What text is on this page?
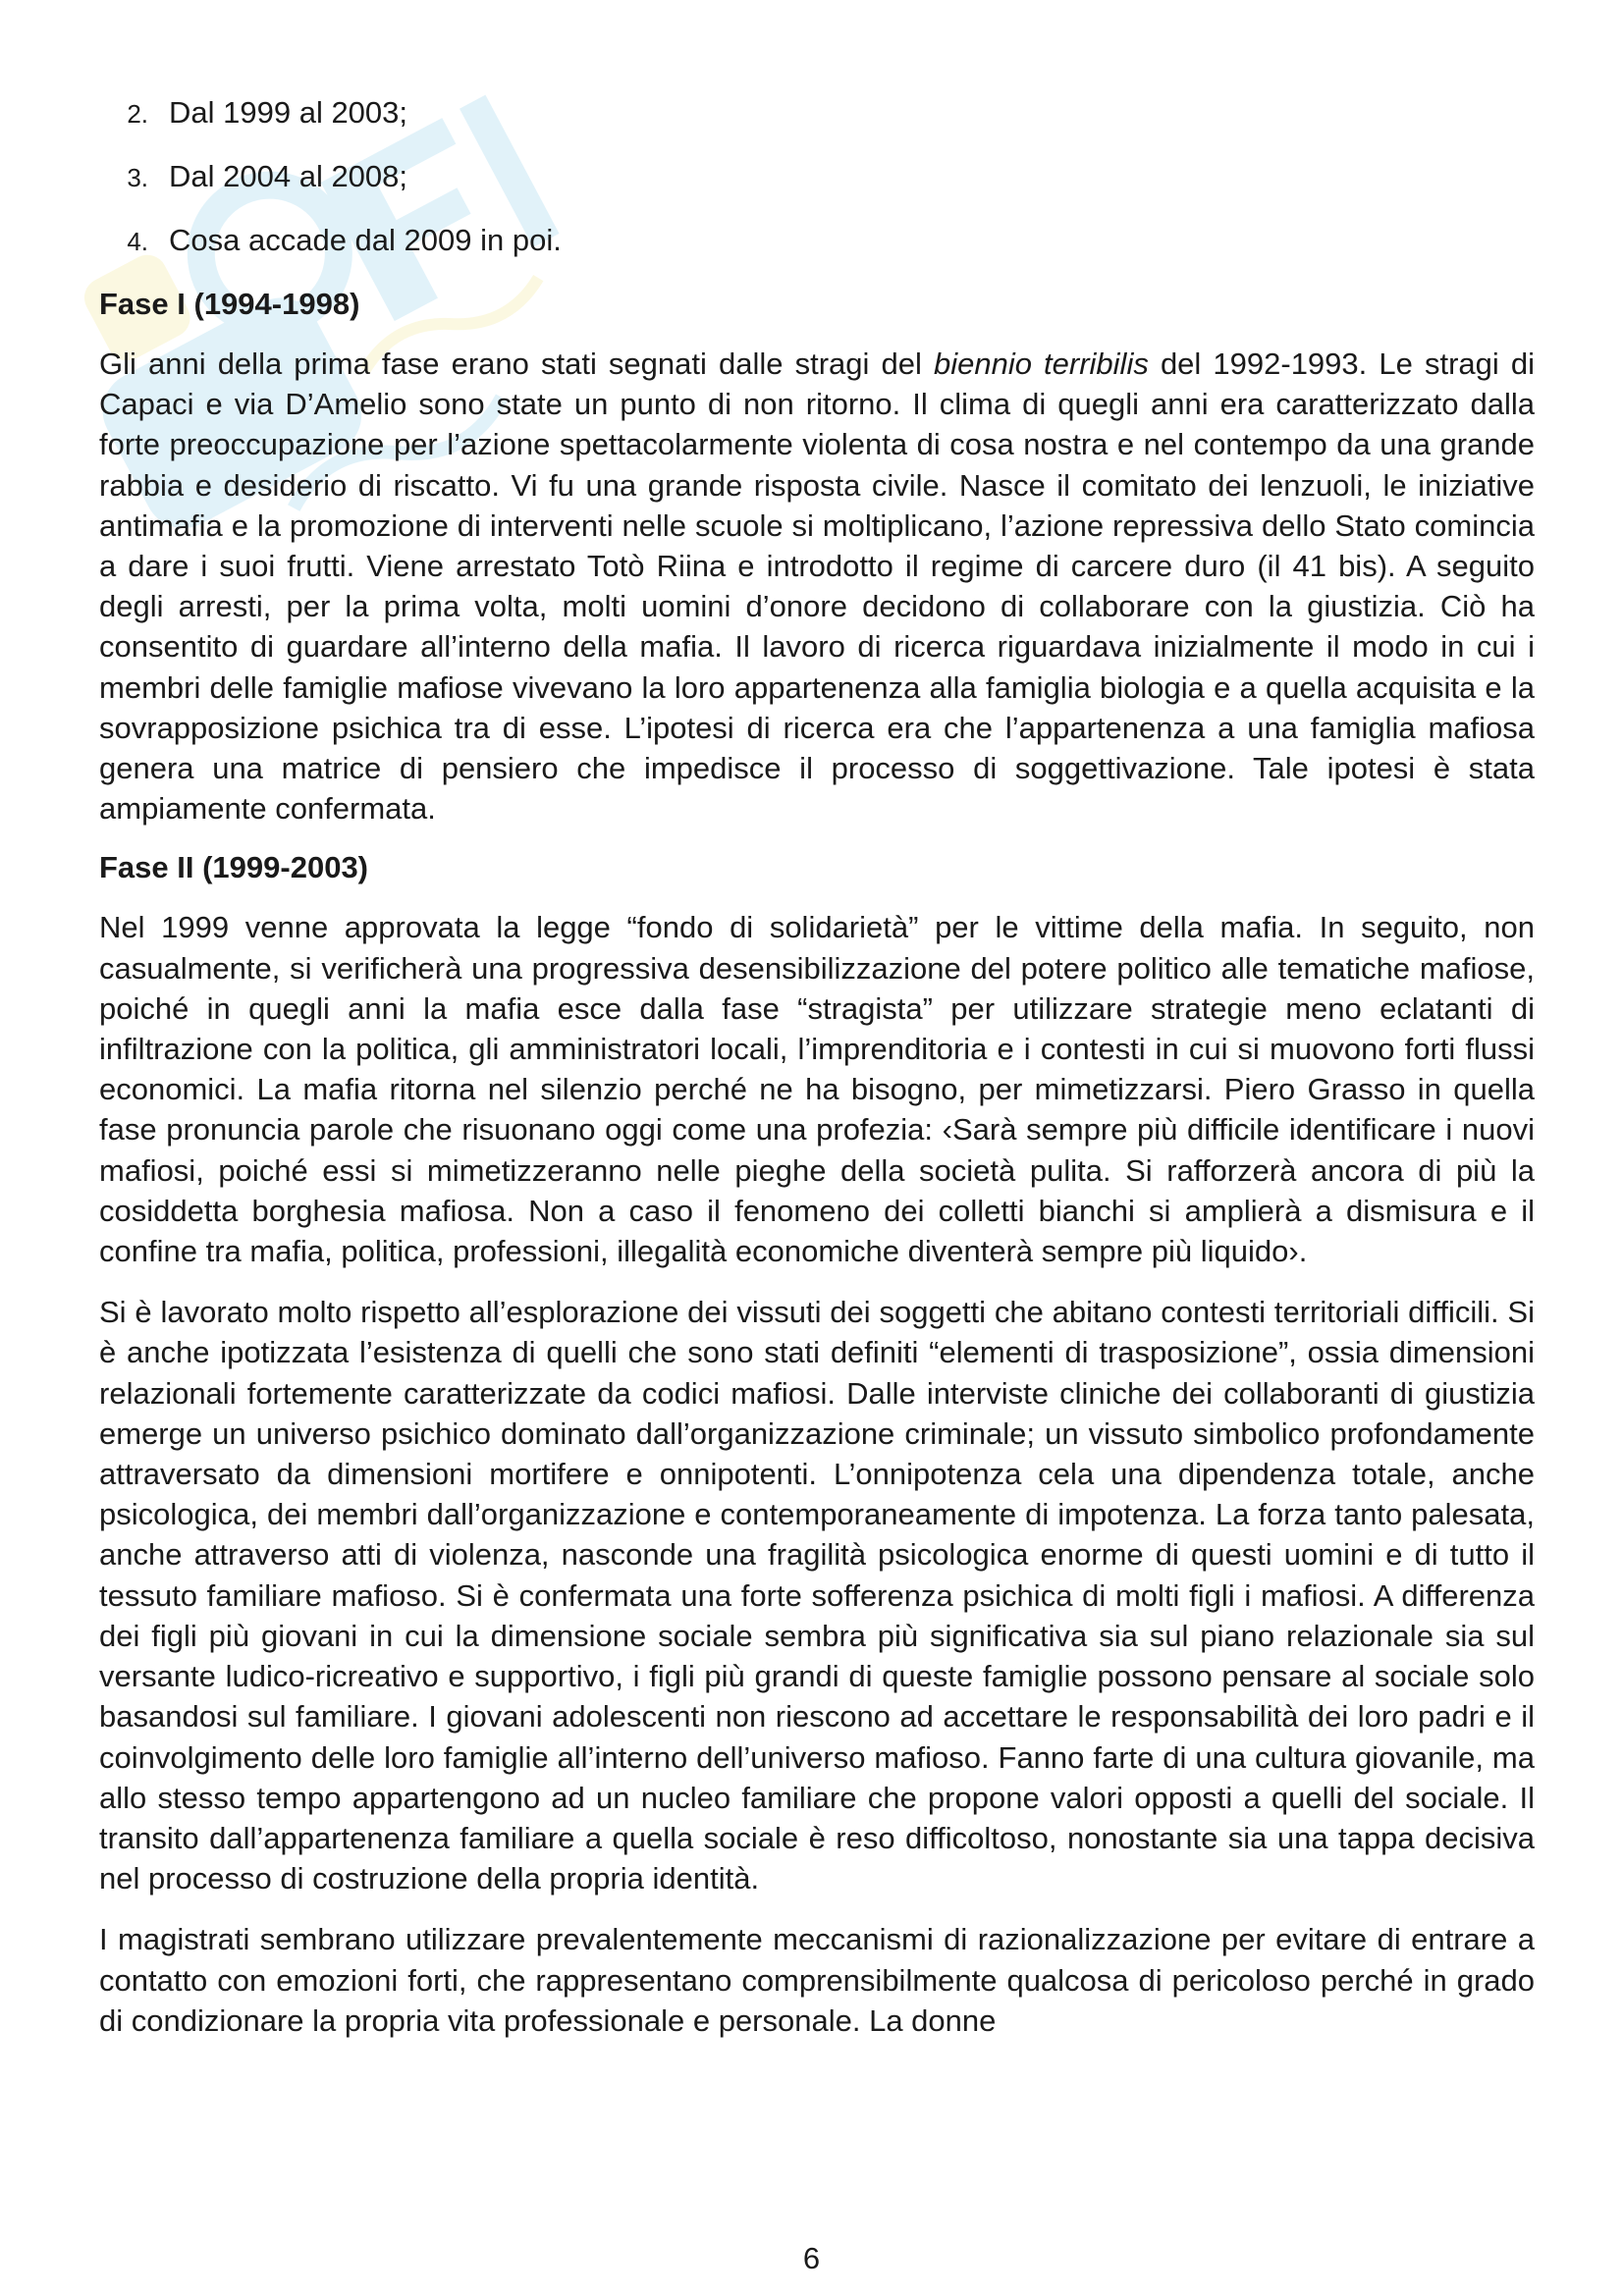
2. Dal 1999 al 2003;
3. Dal 2004 al 2008;
4. Cosa accade dal 2009 in poi.
Fase I (1994-1998)

Gli anni della prima fase erano stati segnati dalle stragi del biennio terribilis del 1992-1993. Le stragi di Capaci e via D’Amelio sono state un punto di non ritorno. Il clima di quegli anni era caratterizzato dalla forte preoccupazione per l’azione spettacolarmente violenta di cosa nostra e nel contempo da una grande rabbia e desiderio di riscatto. Vi fu una grande risposta civile. Nasce il comitato dei lenzuoli, le iniziative antimafia e la promozione di interventi nelle scuole si moltiplicano, l’azione repressiva dello Stato comincia a dare i suoi frutti. Viene arrestato Totò Riina e introdotto il regime di carcere duro (il 41 bis). A seguito degli arresti, per la prima volta, molti uomini d’onore decidono di collaborare con la giustizia. Ciò ha consentito di guardare all’interno della mafia. Il lavoro di ricerca riguardava inizialmente il modo in cui i membri delle famiglie mafiose vivevano la loro appartenenza alla famiglia biologia e a quella acquisita e la sovrapposizione psichica tra di esse. L’ipotesi di ricerca era che l’appartenenza a una famiglia mafiosa genera una matrice di pensiero che impedisce il processo di soggettivazione. Tale ipotesi è stata ampiamente confermata.

Fase II (1999-2003)

Nel 1999 venne approvata la legge “fondo di solidarietà” per le vittime della mafia. In seguito, non casualmente, si verificherà una progressiva desensibilizzazione del potere politico alle tematiche mafiose, poiché in quegli anni la mafia esce dalla fase “stragista” per utilizzare strategie meno eclatanti di infiltrazione con la politica, gli amministratori locali, l’imprenditoria e i contesti in cui si muovono forti flussi economici. La mafia ritorna nel silenzio perché ne ha bisogno, per mimetizzarsi. Piero Grasso in quella fase pronuncia parole che risuonano oggi come una profezia: ‹Sarà sempre più difficile identificare i nuovi mafiosi, poiché essi si mimetizzeranno nelle pieghe della società pulita. Si rafforzerà ancora di più la cosiddetta borghesia mafiosa. Non a caso il fenomeno dei colletti bianchi si amplierà a dismisura e il confine tra mafia, politica, professioni, illegalità economiche diventerà sempre più liquido›.

Si è lavorato molto rispetto all’esplorazione dei vissuti dei soggetti che abitano contesti territoriali difficili. Si è anche ipotizzata l’esistenza di quelli che sono stati definiti “elementi di trasposizione”, ossia dimensioni relazionali fortemente caratterizzate da codici mafiosi. Dalle interviste cliniche dei collaboranti di giustizia emerge un universo psichico dominato dall’organizzazione criminale; un vissuto simbolico profondamente attraversato da dimensioni mortifere e onnipotenti. L’onnipotenza cela una dipendenza totale, anche psicologica, dei membri dall’organizzazione e contemporaneamente di impotenza. La forza tanto palesata, anche attraverso atti di violenza, nasconde una fragilità psicologica enorme di questi uomini e di tutto il tessuto familiare mafioso. Si è confermata una forte sofferenza psichica di molti figli i mafiosi. A differenza dei figli più giovani in cui la dimensione sociale sembra più significativa sia sul piano relazionale sia sul versante ludico-ricreativo e supportivo, i figli più grandi di queste famiglie possono pensare al sociale solo basandosi sul familiare. I giovani adolescenti non riescono ad accettare le responsabilità dei loro padri e il coinvolgimento delle loro famiglie all’interno dell’universo mafioso. Fanno farte di una cultura giovanile, ma allo stesso tempo appartengono ad un nucleo familiare che propone valori opposti a quelli del sociale. Il transito dall’appartenenza familiare a quella sociale è reso difficoltoso, nonostante sia una tappa decisiva nel processo di costruzione della propria identità.

I magistrati sembrano utilizzare prevalentemente meccanismi di razionalizzazione per evitare di entrare a contatto con emozioni forti, che rappresentano comprensibilmente qualcosa di pericoloso perché in grado di condizionare la propria vita professionale e personale. La donne

6
